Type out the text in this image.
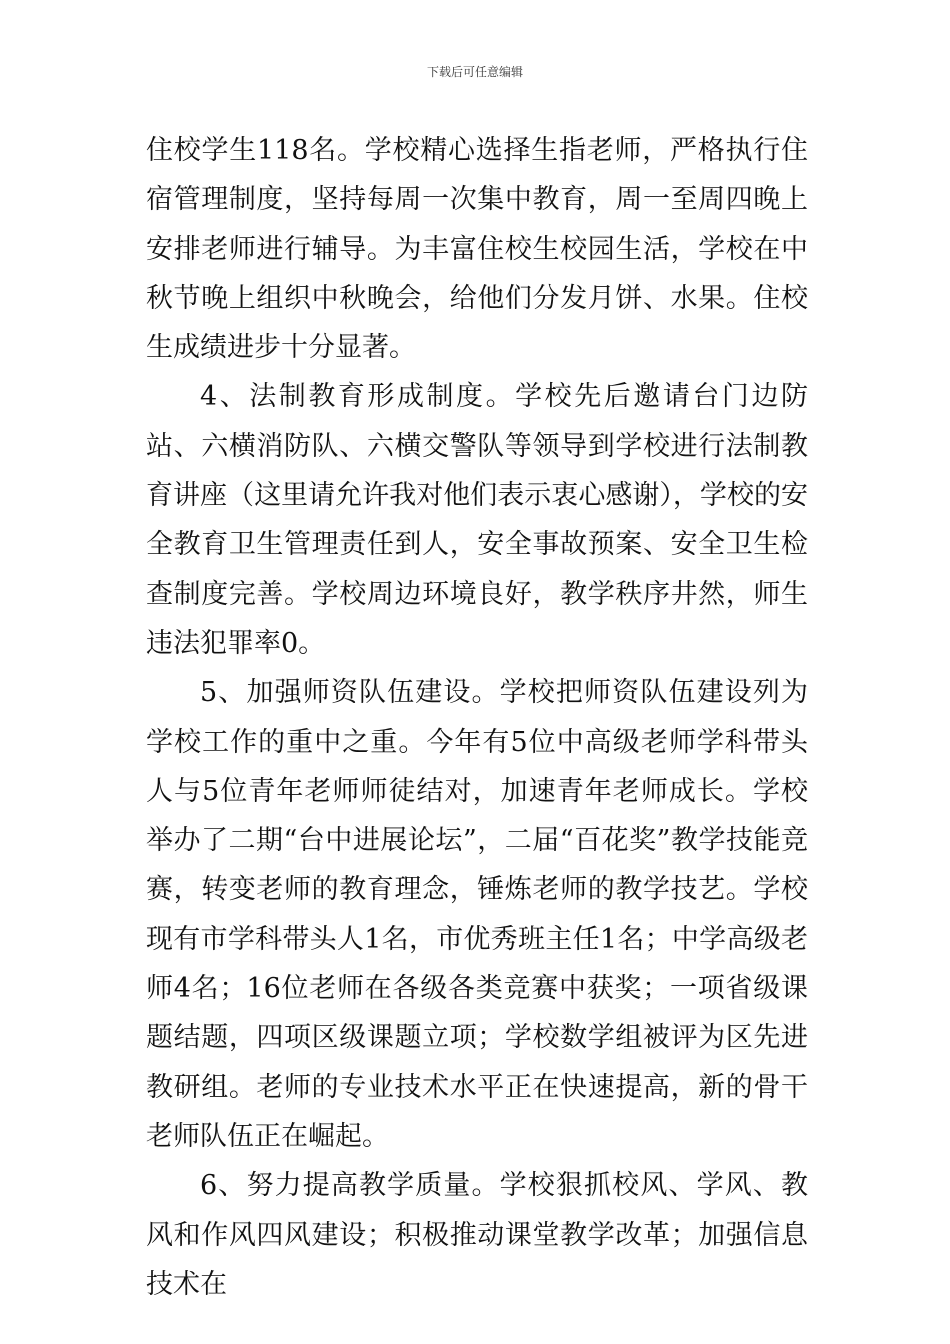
下载后可任意编辑

住校学生118名。学校精心选择生指老师，严格执行住宿管理制度，坚持每周一次集中教育，周一至周四晚上安排老师进行辅导。为丰富住校生校园生活，学校在中秋节晚上组织中秋晚会，给他们分发月饼、水果。住校生成绩进步十分显著。

4、法制教育形成制度。学校先后邀请台门边防站、六横消防队、六横交警队等领导到学校进行法制教育讲座（这里请允许我对他们表示衷心感谢），学校的安全教育卫生管理责任到人，安全事故预案、安全卫生检查制度完善。学校周边环境良好，教学秩序井然，师生违法犯罪率0。

5、加强师资队伍建设。学校把师资队伍建设列为学校工作的重中之重。今年有5位中高级老师学科带头人与5位青年老师师徒结对，加速青年老师成长。学校举办了二期“台中进展论坛”，二届“百花奖”教学技能竞赛，转变老师的教育理念，锤炼老师的教学技艺。学校现有市学科带头人1名，市优秀班主任1名；中学高级老师4名；16位老师在各级各类竞赛中获奖；一项省级课题结题，四项区级课题立项；学校数学组被评为区先进教研组。老师的专业技术水平正在快速提高，新的骨干老师队伍正在崛起。

6、努力提高教学质量。学校狠抓校风、学风、教风和作风四风建设；积极推动课堂教学改革；加强信息技术在
